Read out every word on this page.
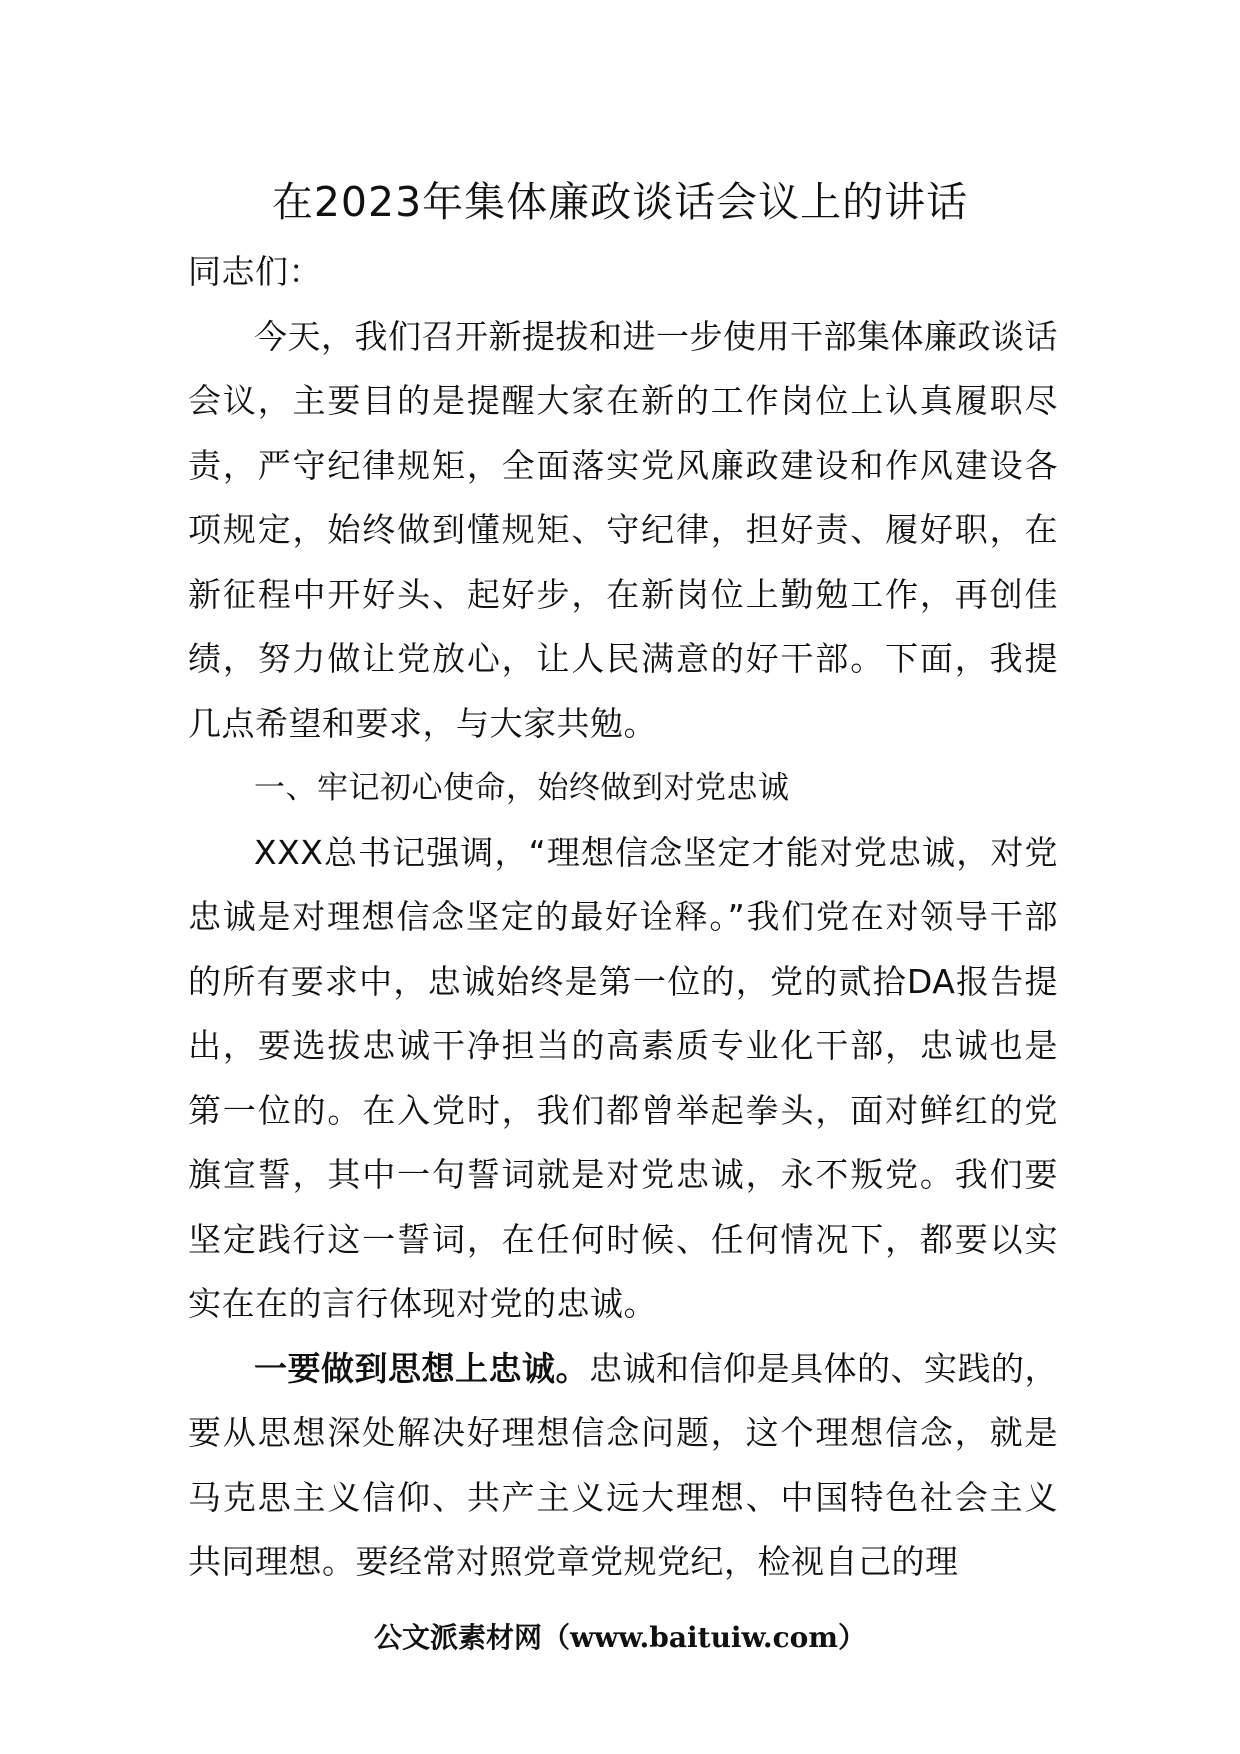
在2023年集体廉政谈话会议上的讲话

同志们：

今天，我们召开新提拔和进一步使用干部集体廉政谈话会议，主要目的是提醒大家在新的工作岗位上认真履职尽责，严守纪律规矩，全面落实党风廉政建设和作风建设各项规定，始终做到懂规矩、守纪律，担好责、履好职，在新征程中开好头、起好步，在新岗位上勤勉工作，再创佳绩，努力做让党放心，让人民满意的好干部。下面，我提几点希望和要求，与大家共勉。

一、牢记初心使命，始终做到对党忠诚

XXX总书记强调，“理想信念坚定才能对党忠诚，对党忠诚是对理想信念坚定的最好诠释。”我们党在对领导干部的所有要求中，忠诚始终是第一位的，党的贰拾DA报告提出，要选拔忠诚干净担当的高素质专业化干部，忠诚也是第一位的。在入党时，我们都曾举起拳头，面对鲜红的党旗宣誓，其中一句誓词就是对党忠诚，永不叛党。我们要坚定践行这一誓词，在任何时候、任何情况下，都要以实实在在的言行体现对党的忠诚。

一要做到思想上忠诚。忠诚和信仰是具体的、实践的，要从思想深处解决好理想信念问题，这个理想信念，就是马克思主义信仰、共产主义远大理想、中国特色社会主义共同理想。要经常对照党章党规党纪，检视自己的理

公文派素材网（www.baituiw.com）
